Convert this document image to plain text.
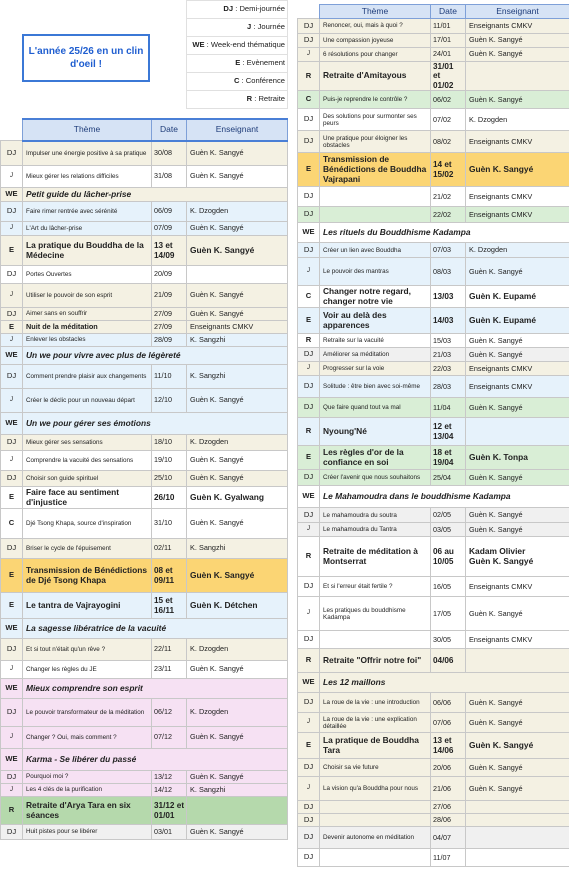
L'année 25/26 en un clin d'oeil !
			DJ : Demi-journée
			J : Journée
			WE : Week-end thématique
			E : Evènement
			C : Conférence
			R : Retraite

	Thème	Date	Enseignant
DJ	Impulser une énergie positive à sa pratique	30/08	Guèn K. Sangyé
J	Mieux gérer les relations difficiles	31/08	Guèn K. Sangyé
WE	Petit guide du lâcher-prise		
DJ	Faire rimer rentrée avec sérénité	06/09	K. Dzogden
J	L'Art du lâcher-prise	07/09	Guèn K. Sangyé
E	La pratique du Bouddha de la Médecine	13 et 14/09	Guèn K. Sangyé
DJ	Portes Ouvertes	20/09	
J	Utiliser le pouvoir de son esprit	21/09	Guèn K. Sangyé
DJ	Aimer sans en souffrir	27/09	Guèn K. Sangyé
E	Nuit de la méditation	27/09	Enseignants CMKV
J	Enlever les obstacles	28/09	K. Sangzhi
WE	Un we pour vivre avec plus de légèreté		
DJ	Comment prendre plaisir aux changements	11/10	K. Sangzhi
J	Créer le déclic pour un nouveau départ	12/10	Guèn K. Sangyé
WE	Un we pour gérer ses émotions		
DJ	Mieux gérer ses sensations	18/10	K. Dzogden
J	Comprendre la vacuité des sensations	19/10	Guèn K. Sangyé
DJ	Choisir son guide spirituel	25/10	Guèn K. Sangyé
E	Faire face au sentiment d'injustice	26/10	Guèn K. Gyalwang
C	Djé Tsong Khapa, source d'inspiration	31/10	Guèn K. Sangyé
DJ	Briser le cycle de l'épuisement	02/11	K. Sangzhi
E	Transmission de Bénédictions de Djé Tsong Khapa	08 et 09/11	Guèn K. Sangyé
E	Le tantra de Vajrayogini	15 et 16/11	Guèn K. Détchen
WE	La sagesse libératrice de la vacuité		
DJ	Et si tout n'était qu'un rêve ?	22/11	K. Dzogden
J	Changer les règles du JE	23/11	Guèn K. Sangyé
WE	Mieux comprendre son esprit		
DJ	Le pouvoir transformateur de la méditation	06/12	K. Dzogden
J	Changer ? Oui, mais comment ?	07/12	Guèn K. Sangyé
WE	Karma - Se libérer du passé		
DJ	Pourquoi moi ?	13/12	Guèn K. Sangyé
J	Les 4 clés de la purification	14/12	K. Sangzhi
R	Retraite d'Arya Tara en six séances	31/12 et 01/01	
DJ	Huit pistes pour se libérer	03/01	Guèn K. Sangyé
	Thème	Date	Enseignant
DJ	Renoncer, oui, mais à quoi ?	11/01	Enseignants CMKV
DJ	Une compassion joyeuse	17/01	Guèn K. Sangyé
J	6 résolutions pour changer	24/01	Guèn K. Sangyé
R	Retraite d'Amitayous	31/01 et 01/02	
C	Puis-je reprendre le contrôle ?	06/02	Guèn K. Sangyé
DJ	Des solutions pour surmonter ses peurs	07/02	K. Dzogden
DJ	Une pratique pour éloigner les obstacles	08/02	Enseignants CMKV
E	Transmission de Bénédictions de Bouddha Vajrapani	14 et 15/02	Guèn K. Sangyé
DJ		21/02	Enseignants CMKV
DJ		22/02	Enseignants CMKV
WE	Les rituels du Bouddhisme Kadampa		
DJ	Créer un lien avec Bouddha	07/03	K. Dzogden
J	Le pouvoir des mantras	08/03	Guèn K. Sangyé
C	Changer notre regard, changer notre vie	13/03	Guèn K. Eupamé
E	Voir au delà des apparences	14/03	Guèn K. Eupamé
R	Retraite sur la vacuité	15/03	Guèn K. Sangyé
DJ	Améliorer sa méditation	21/03	Guèn K. Sangyé
J	Progresser sur la voie	22/03	Enseignants CMKV
DJ	Solitude : être bien avec soi-même	28/03	Enseignants CMKV
DJ	Que faire quand tout va mal	11/04	Guèn K. Sangyé
R	Nyoung'Né	12 et 13/04	
E	Les règles d'or de la confiance en soi	18 et 19/04	Guèn K. Tonpa
DJ	Créer l'avenir que nous souhaitons	25/04	Guèn K. Sangyé
WE	Le Mahamoudra dans le bouddhisme Kadampa		
DJ	Le mahamoudra du soutra	02/05	Guèn K. Sangyé
J	Le mahamoudra du Tantra	03/05	Guèn K. Sangyé
R	Retraite de méditation à Montserrat	06 au 10/05	Kadam Olivier
Guèn K. Sangyé
DJ	Et si l'erreur était fertile ?	16/05	Enseignants CMKV
J	Les pratiques du bouddhisme Kadampa	17/05	Guèn K. Sangyé
DJ		30/05	Enseignants CMKV
R	Retraite "Offrir notre foi"	04/06	
WE	Les 12 maillons		
DJ	La roue de la vie : une introduction	06/06	Guèn K. Sangyé
J	La roue de la vie : une explication détaillée	07/06	Guèn K. Sangyé
E	La pratique de Bouddha Tara	13 et 14/06	Guèn K. Sangyé
DJ	Choisir sa vie future	20/06	Guèn K. Sangyé
J	La vision qu'a Bouddha pour nous	21/06	Guèn K. Sangyé
DJ		27/06	
DJ		28/06	
DJ	Devenir autonome en méditation	04/07	
DJ		11/07	
